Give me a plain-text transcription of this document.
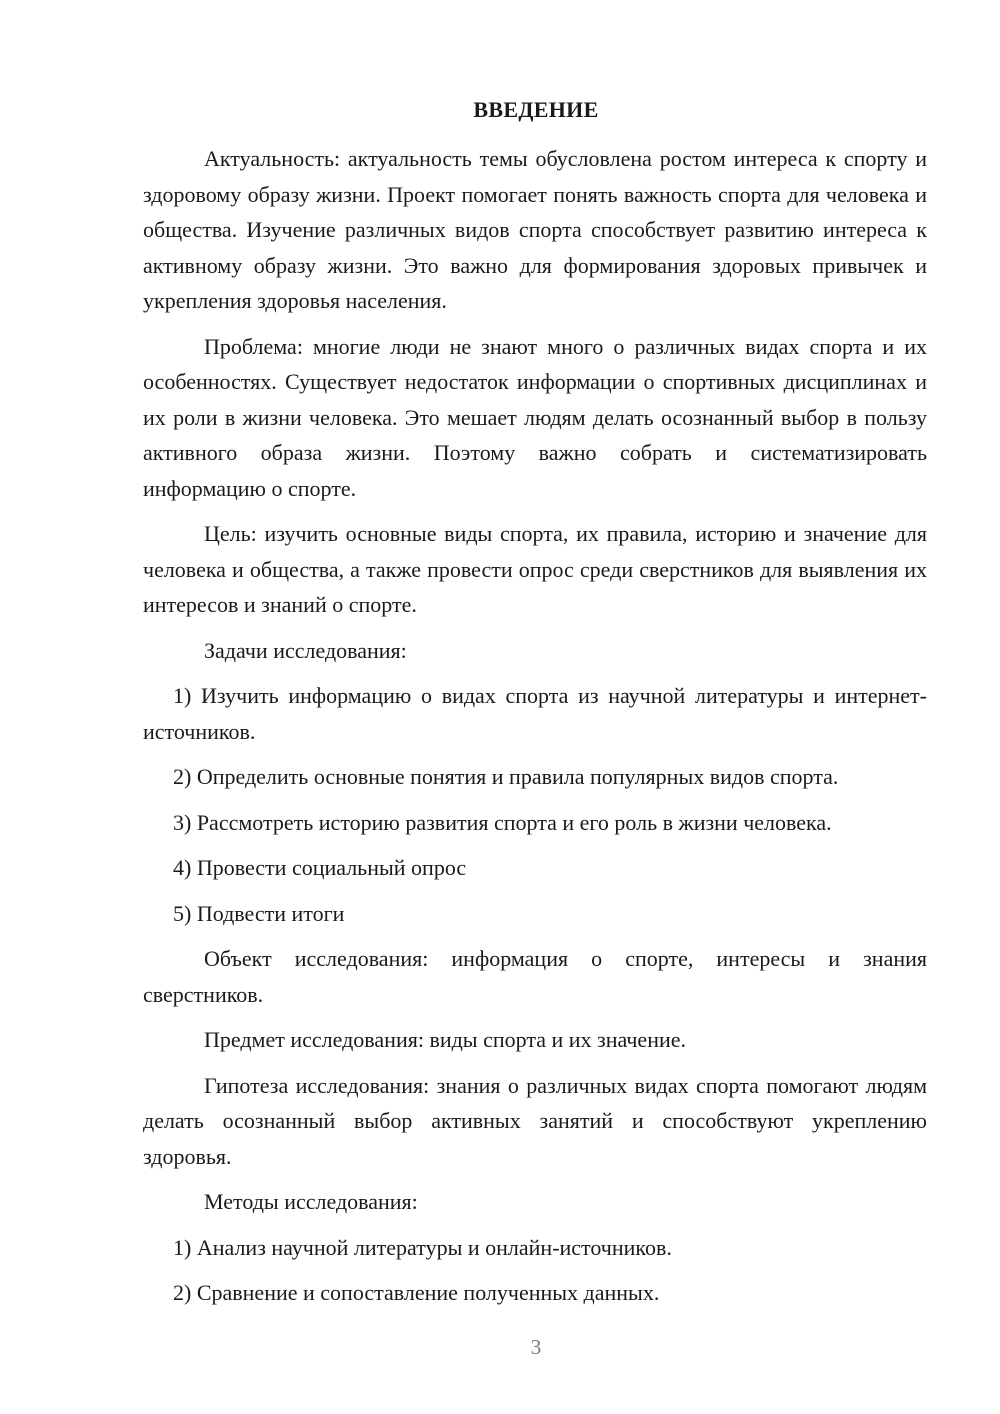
ВВЕДЕНИЕ

Актуальность: актуальность темы обусловлена ростом интереса к спорту и здоровому образу жизни. Проект помогает понять важность спорта для человека и общества. Изучение различных видов спорта способствует развитию интереса к активному образу жизни. Это важно для формирования здоровых привычек и укрепления здоровья населения.

Проблема: многие люди не знают много о различных видах спорта и их особенностях. Существует недостаток информации о спортивных дисциплинах и их роли в жизни человека. Это мешает людям делать осознанный выбор в пользу активного образа жизни. Поэтому важно собрать и систематизировать информацию о спорте.

Цель: изучить основные виды спорта, их правила, историю и значение для человека и общества, а также провести опрос среди сверстников для выявления их интересов и знаний о спорте.

Задачи исследования:

1) Изучить информацию о видах спорта из научной литературы и интернет-источников.

2) Определить основные понятия и правила популярных видов спорта.

3) Рассмотреть историю развития спорта и его роль в жизни человека.

4) Провести социальный опрос

5) Подвести итоги

Объект исследования: информация о спорте, интересы и знания сверстников.

Предмет исследования: виды спорта и их значение.

Гипотеза исследования: знания о различных видах спорта помогают людям делать осознанный выбор активных занятий и способствуют укреплению здоровья.

Методы исследования:

1) Анализ научной литературы и онлайн-источников.

2) Сравнение и сопоставление полученных данных.

3
